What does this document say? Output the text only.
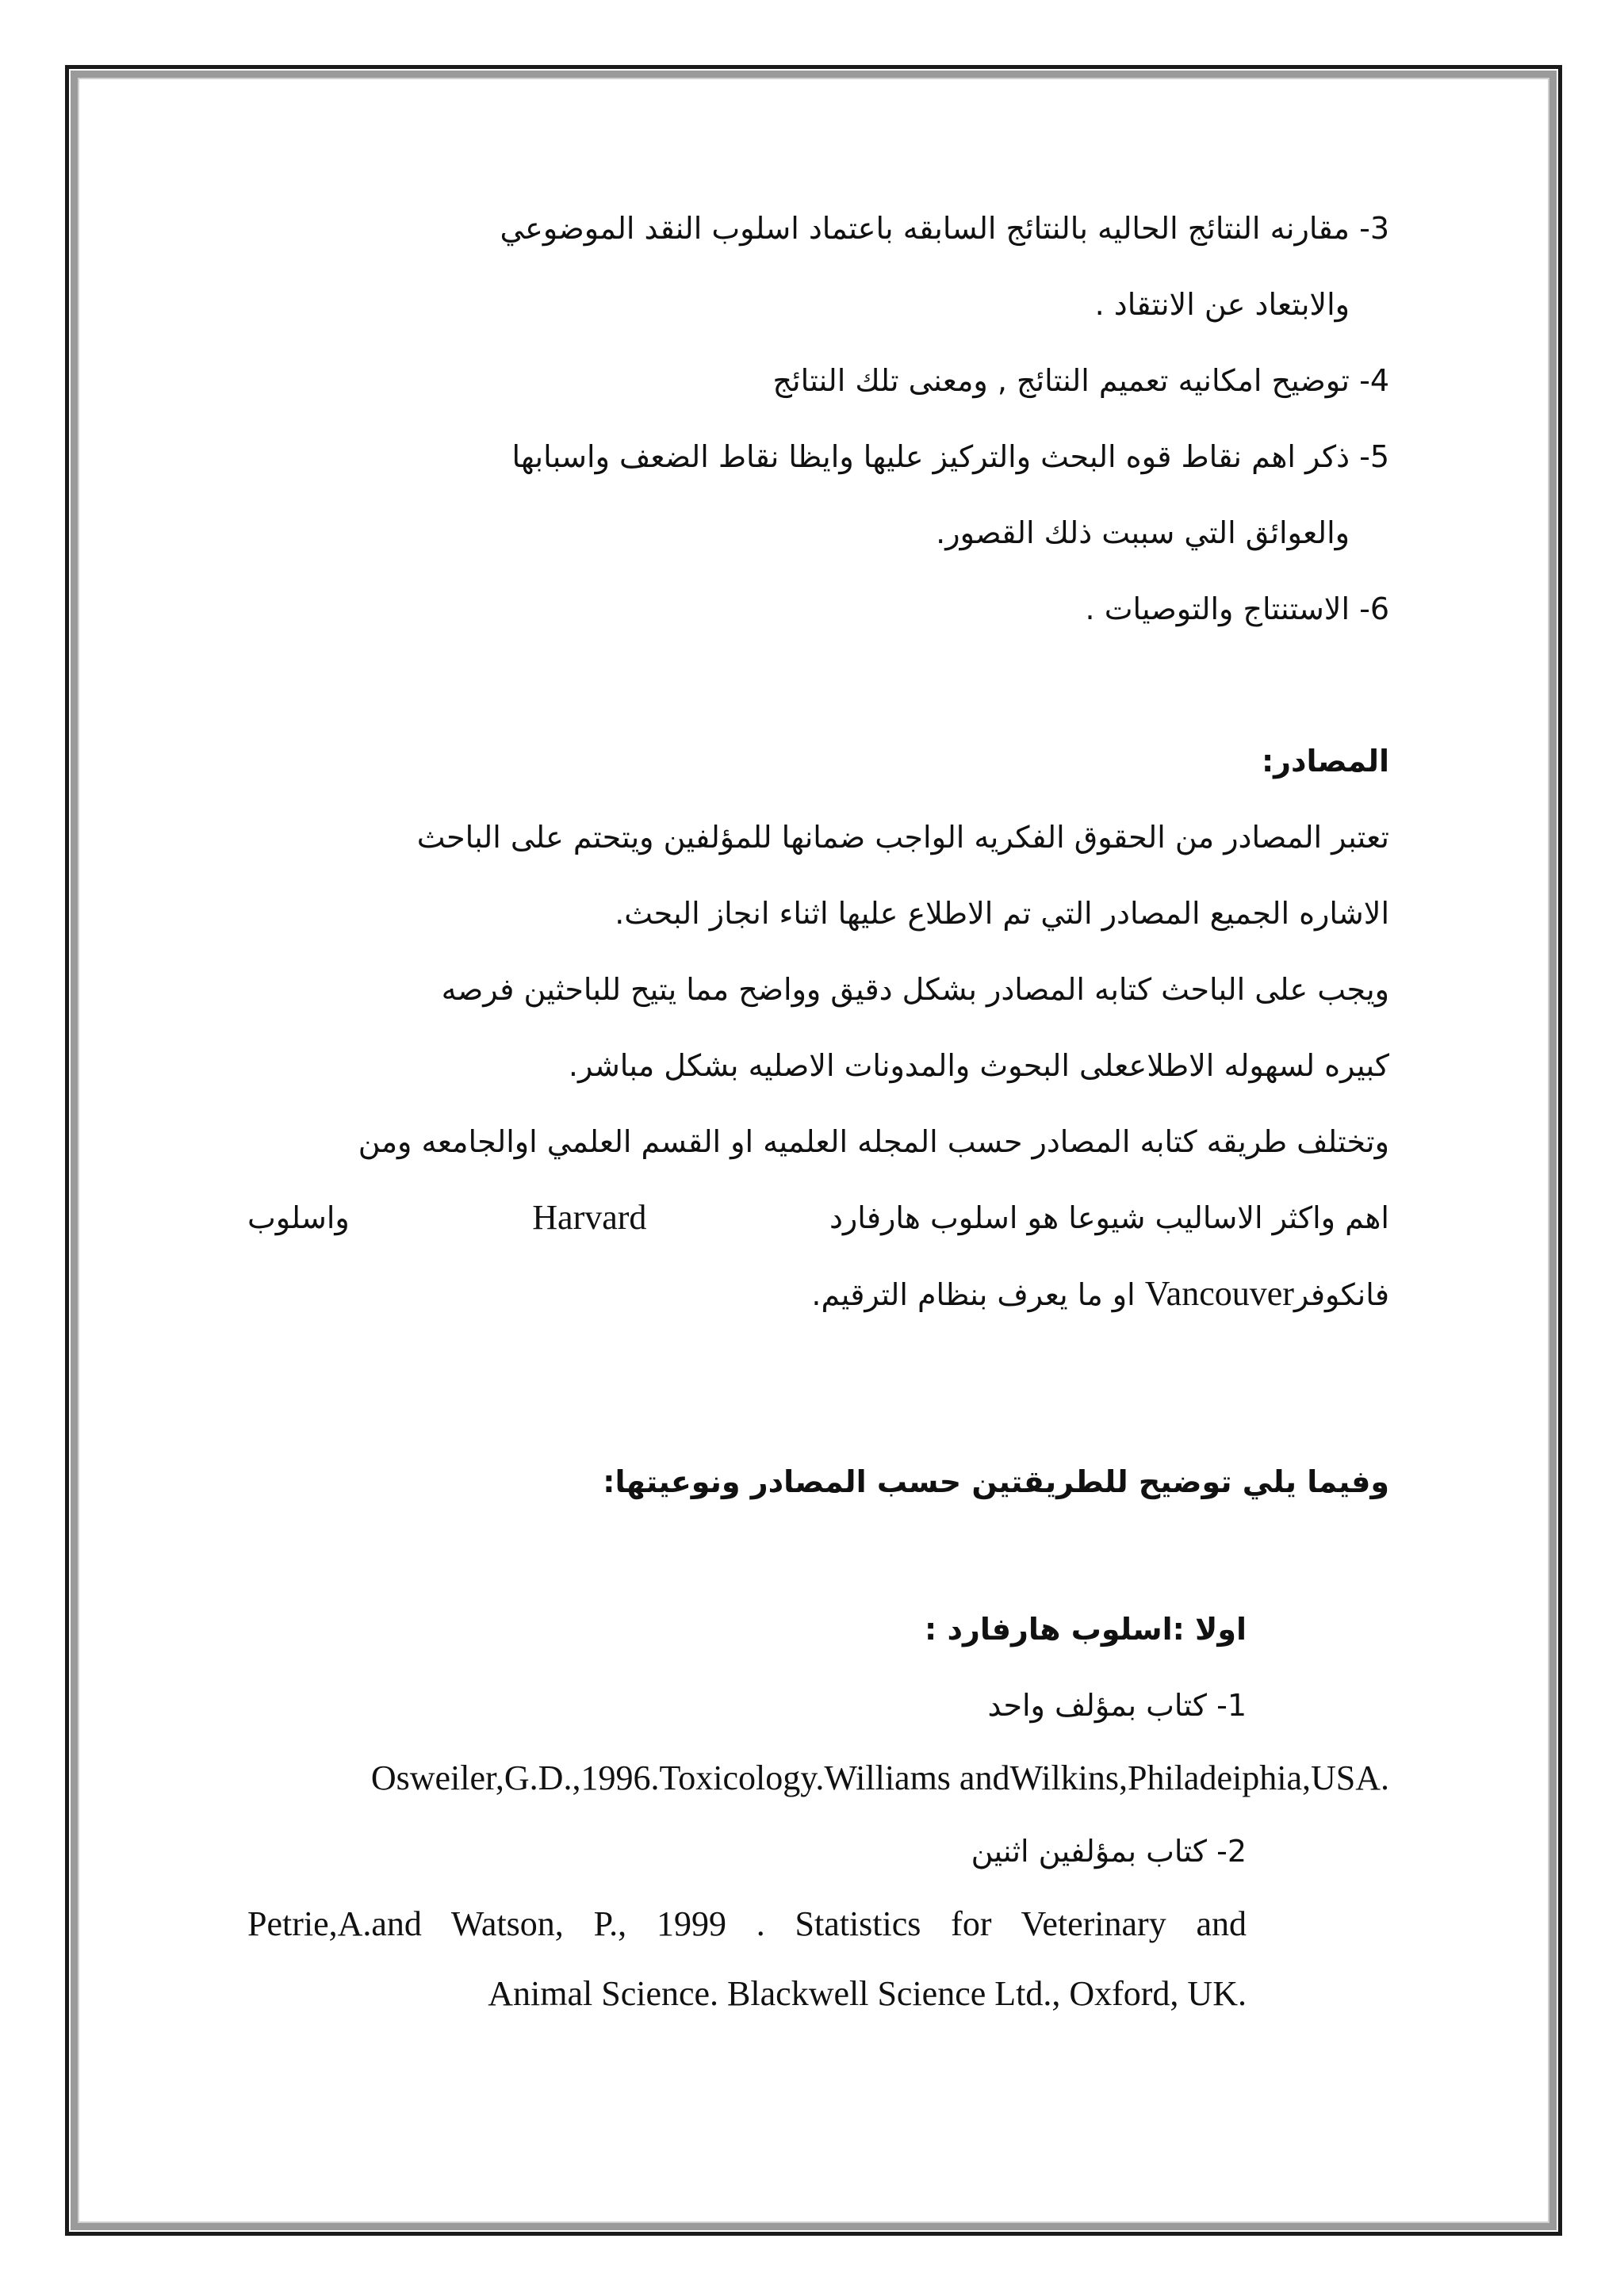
3- مقارنه النتائج الحاليه بالنتائج السابقه باعتماد اسلوب النقد الموضوعي

والابتعاد عن الانتقاد .

4- توضيح امكانيه تعميم النتائج , ومعنى تلك النتائج

5- ذكر اهم نقاط قوه البحث والتركيز عليها وايظا نقاط الضعف واسبابها

والعوائق التي سببت ذلك القصور.

6- الاستنتاج والتوصيات .

المصادر:

تعتبر المصادر من الحقوق الفكريه الواجب ضمانها للمؤلفين ويتحتم على الباحث

الاشاره الجميع المصادر التي تم الاطلاع عليها اثناء انجاز البحث.

ويجب على الباحث كتابه المصادر بشكل دقيق وواضح مما يتيح للباحثين فرصه

كبيره لسهوله الاطلاععلى البحوث والمدونات الاصليه بشكل مباشر.

وتختلف طريقه كتابه المصادر حسب المجله العلميه او القسم العلمي اوالجامعه ومن

اهم واكثر الاساليب شيوعا هو اسلوب هارفارد
Harvard
واسلوب

فانكوفرVancouver او ما يعرف بنظام الترقيم.

وفيما يلي توضيح للطريقتين حسب المصادر ونوعيتها:

اولا :اسلوب هارفارد :

1- كتاب بمؤلف واحد

Osweiler,G.D.,1996.Toxicology.Williams andWilkins,Philadeiphia,USA.

2- كتاب بمؤلفين اثنين

Petrie,A.and Watson, P., 1999 . Statistics for Veterinary and

Animal Science. Blackwell Science Ltd., Oxford, UK.
